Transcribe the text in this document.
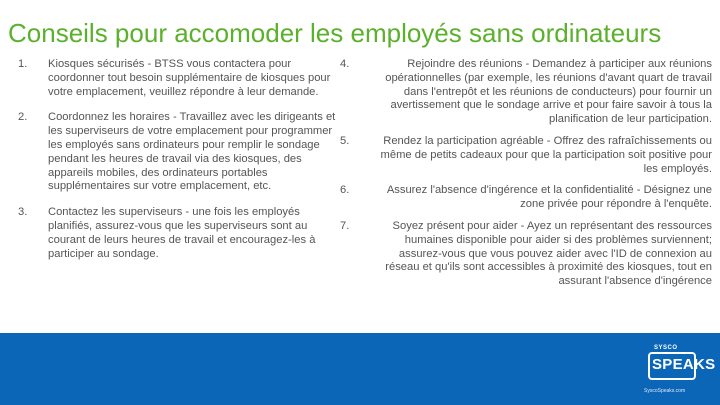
Conseils pour accomoder les employés sans ordinateurs
1.	Kiosques sécurisés - BTSS vous contactera pour coordonner tout besoin supplémentaire de kiosques pour votre emplacement, veuillez répondre à leur demande.
2.	Coordonnez les horaires - Travaillez avec les dirigeants et les superviseurs de votre emplacement pour programmer les employés sans ordinateurs pour remplir le sondage pendant les heures de travail via des kiosques, des appareils mobiles, des ordinateurs portables supplémentaires sur votre emplacement, etc.
3.	Contactez les superviseurs - une fois les employés planifiés, assurez-vous que les superviseurs sont au courant de leurs heures de travail et encouragez-les à participer au sondage.
4.	Rejoindre des réunions - Demandez à participer aux réunions opérationnelles (par exemple, les réunions d'avant quart de travail dans l'entrepôt et les réunions de conducteurs) pour fournir un avertissement que le sondage arrive et pour faire savoir à tous la planification de leur participation.
5.	Rendez la participation agréable - Offrez des rafraîchissements ou même de petits cadeaux pour que la participation soit positive pour les employés.
6.	Assurez l'absence d'ingérence et la confidentialité - Désignez une zone privée pour répondre à l'enquête.
7.	Soyez présent pour aider - Ayez un représentant des ressources humaines disponible pour aider si des problèmes surviennent; assurez-vous que vous pouvez aider avec l'ID de connexion au réseau et qu'ils sont accessibles à proximité des kiosques, tout en assurant l'absence d'ingérence
SYSCO
SPEAKS
SyscoSpeaks.com
